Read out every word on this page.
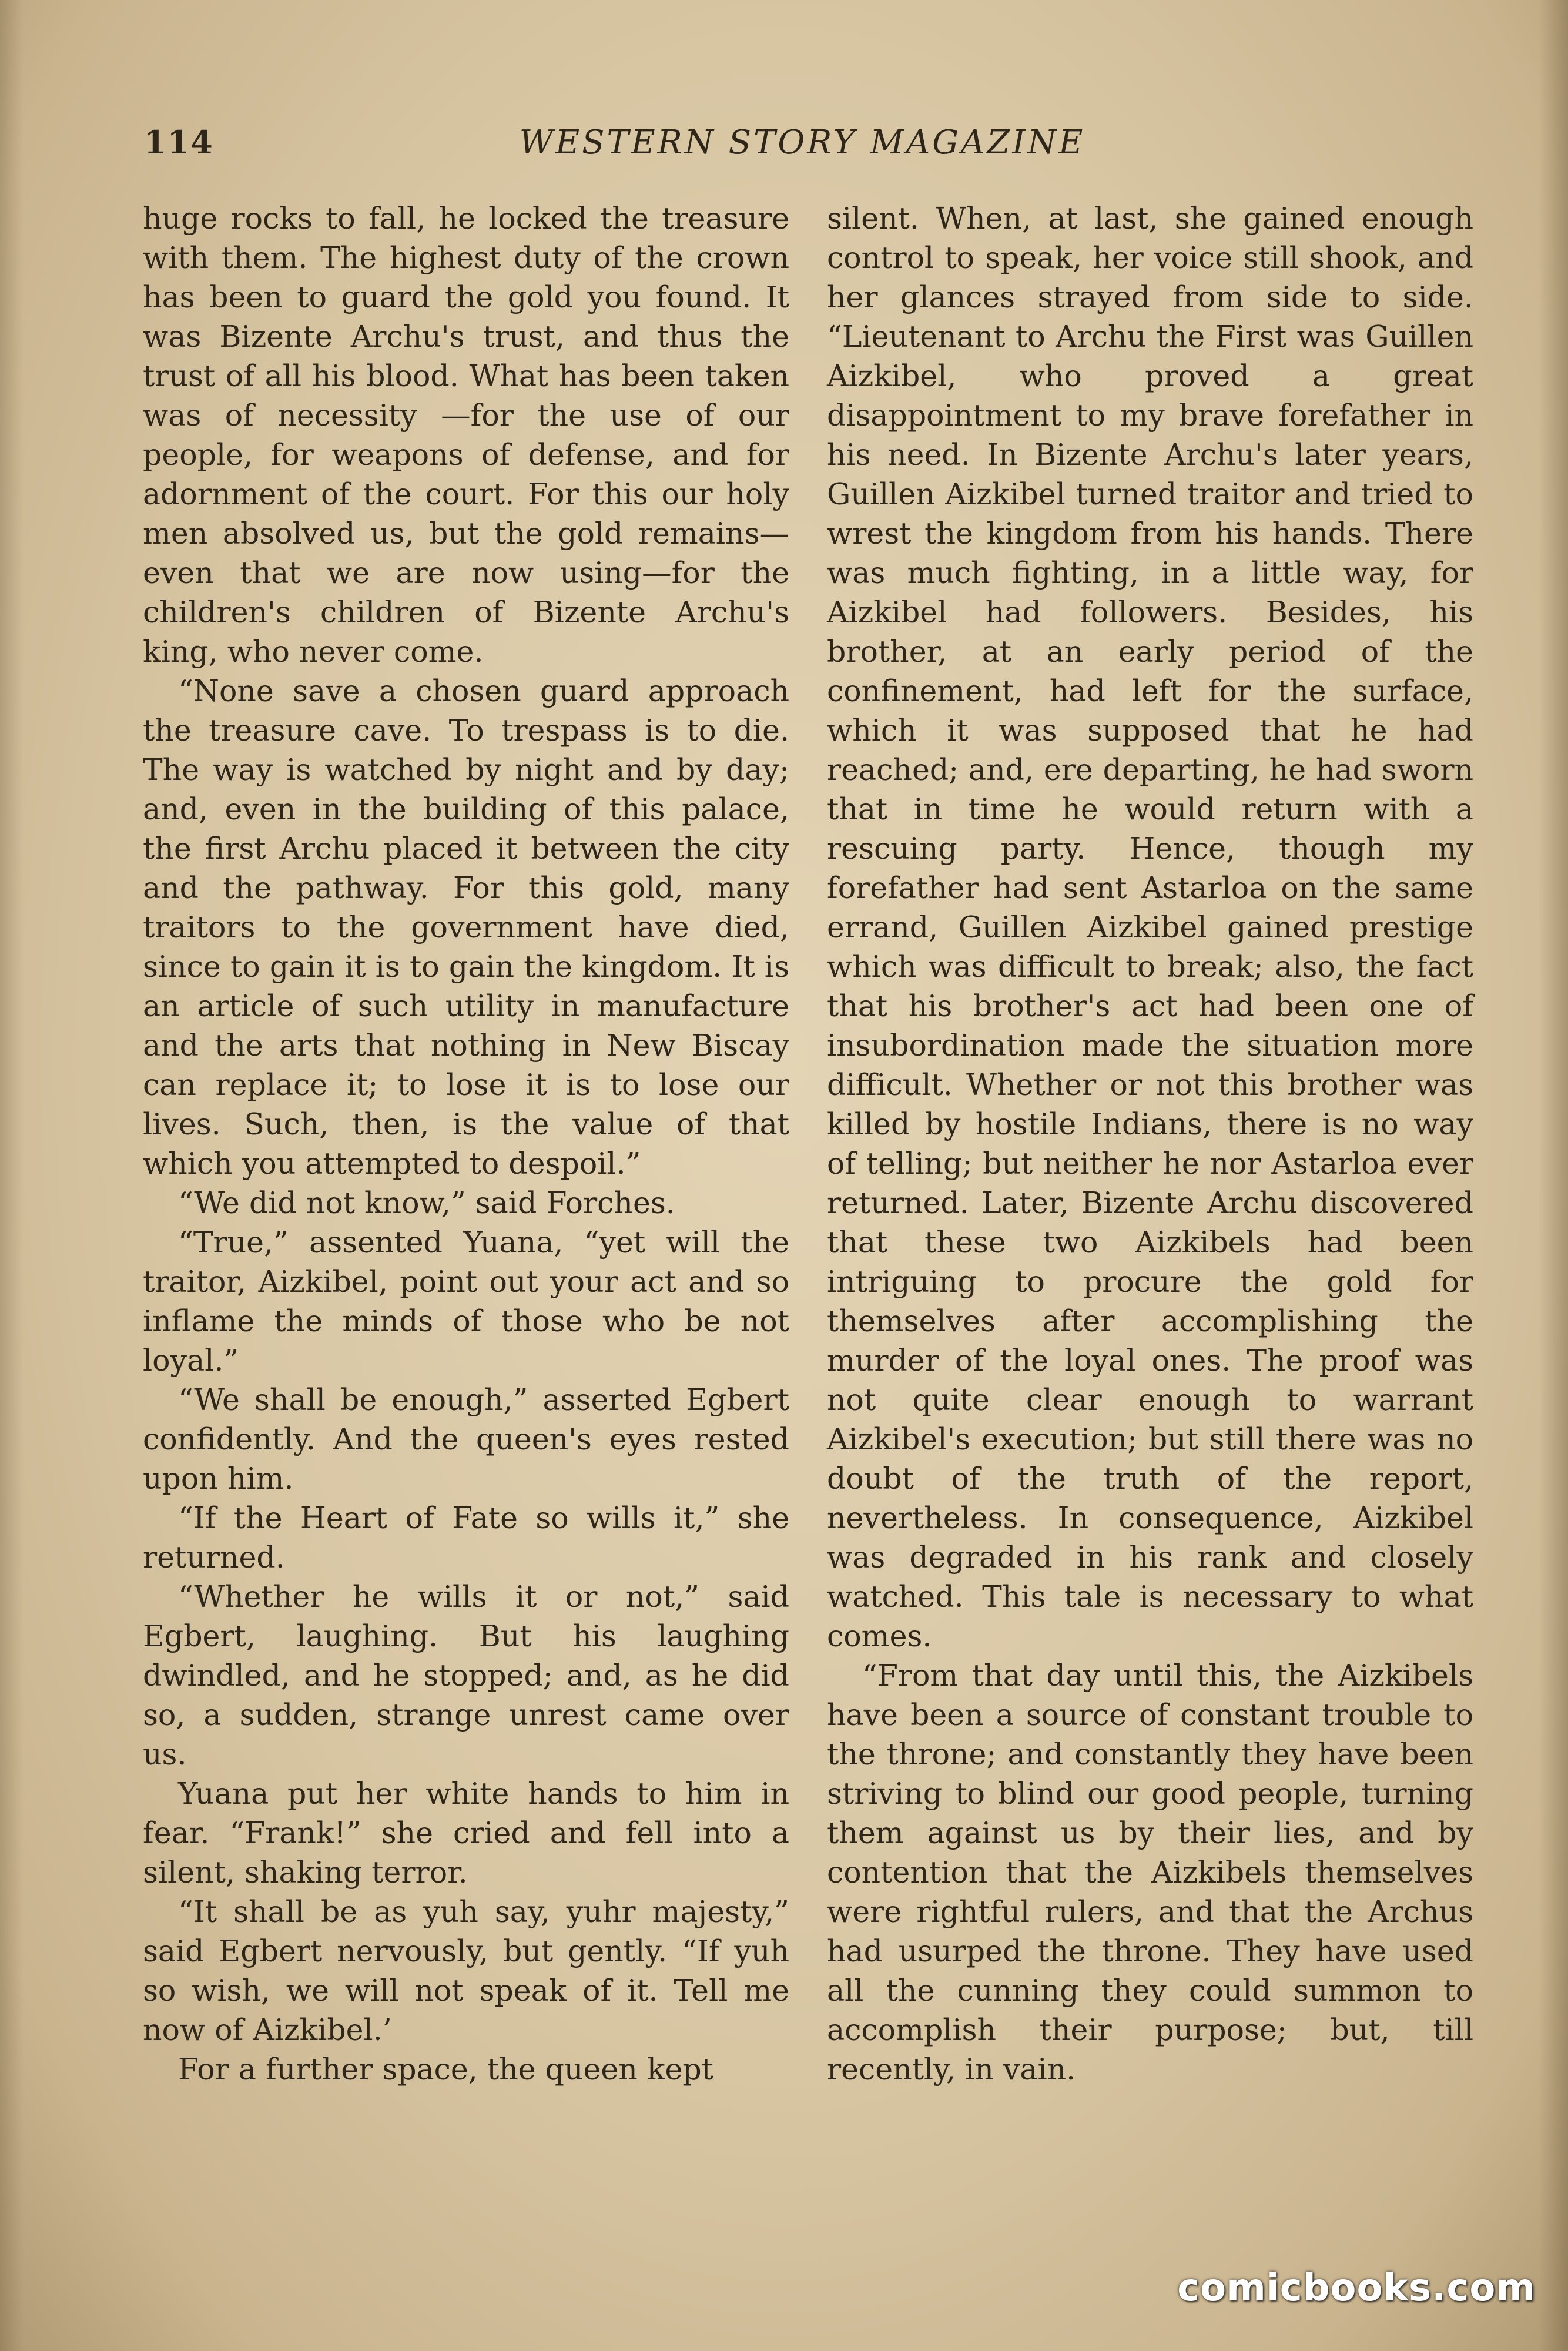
114	WESTERN STORY MAGAZINE

huge rocks to fall, he locked the treasure with them. The highest duty of the crown has been to guard the gold you found. It was Bizente Archu's trust, and thus the trust of all his blood. What has been taken was of necessity —for the use of our people, for weapons of defense, and for adornment of the court. For this our holy men absolved us, but the gold remains—even that we are now using—for the children's children of Bizente Archu's king, who never come.

“None save a chosen guard approach the treasure cave. To trespass is to die. The way is watched by night and by day; and, even in the building of this palace, the first Archu placed it between the city and the pathway. For this gold, many traitors to the government have died, since to gain it is to gain the kingdom. It is an article of such utility in manufacture and the arts that nothing in New Biscay can replace it; to lose it is to lose our lives. Such, then, is the value of that which you attempted to despoil.”

“We did not know,” said Forches.

“True,” assented Yuana, “yet will the traitor, Aizkibel, point out your act and so inflame the minds of those who be not loyal.”

“We shall be enough,” asserted Egbert confidently. And the queen's eyes rested upon him.

“If the Heart of Fate so wills it,” she returned.

“Whether he wills it or not,” said Egbert, laughing. But his laughing dwindled, and he stopped; and, as he did so, a sudden, strange unrest came over us.

Yuana put her white hands to him in fear. “Frank!” she cried and fell into a silent, shaking terror.

“It shall be as yuh say, yuhr majesty,” said Egbert nervously, but gently. “If yuh so wish, we will not speak of it. Tell me now of Aizkibel.’

For a further space, the queen kept

silent. When, at last, she gained enough control to speak, her voice still shook, and her glances strayed from side to side. “Lieutenant to Archu the First was Guillen Aizkibel, who proved a great disappointment to my brave forefather in his need. In Bizente Archu's later years, Guillen Aizkibel turned traitor and tried to wrest the kingdom from his hands. There was much fighting, in a little way, for Aizkibel had followers. Besides, his brother, at an early period of the confinement, had left for the surface, which it was supposed that he had reached; and, ere departing, he had sworn that in time he would return with a rescuing party. Hence, though my forefather had sent Astarloa on the same errand, Guillen Aizkibel gained prestige which was difficult to break; also, the fact that his brother's act had been one of insubordination made the situation more difficult. Whether or not this brother was killed by hostile Indians, there is no way of telling; but neither he nor Astarloa ever returned. Later, Bizente Archu discovered that these two Aizkibels had been intriguing to procure the gold for themselves after accomplishing the murder of the loyal ones. The proof was not quite clear enough to warrant Aizkibel's execution; but still there was no doubt of the truth of the report, nevertheless. In consequence, Aizkibel was degraded in his rank and closely watched. This tale is necessary to what comes.

“From that day until this, the Aizkibels have been a source of constant trouble to the throne; and constantly they have been striving to blind our good people, turning them against us by their lies, and by contention that the Aizkibels themselves were rightful rulers, and that the Archus had usurped the throne. They have used all the cunning they could summon to accomplish their purpose; but, till recently, in vain.

comicbooks.com
